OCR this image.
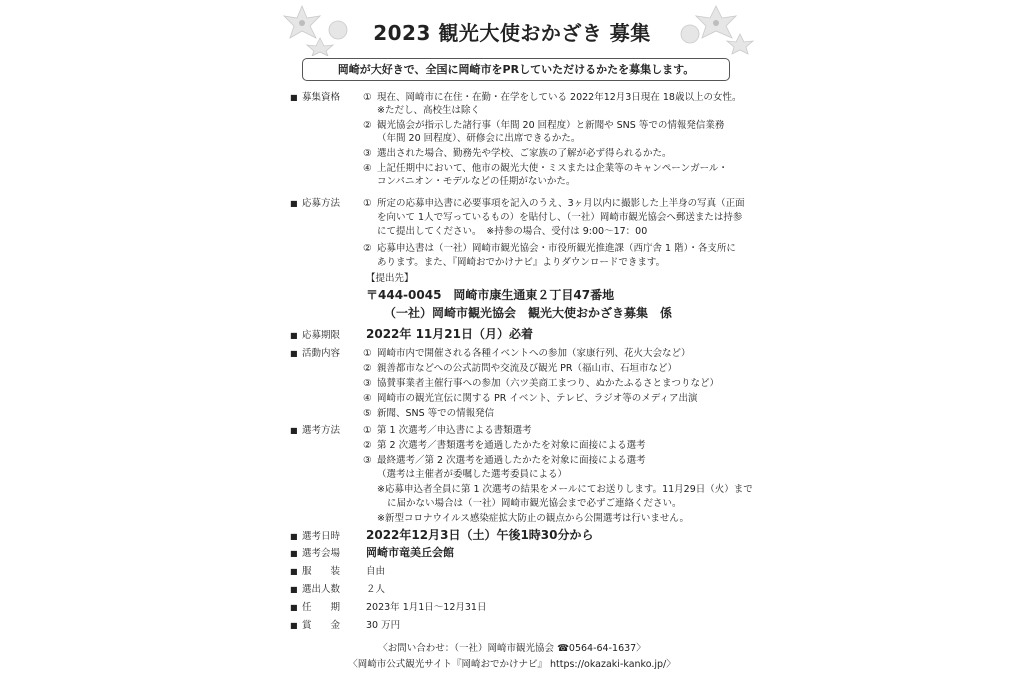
2023 観光大使おかざき 募集
岡崎が大好きで、全国に岡崎市をPRしていただけるかたを募集します。
■ 募集資格 ① 現在、岡崎市に在住・在勤・在学をしている 2022年12月3日現在 18歳以上の女性。
※ただし、高校生は除く
② 観光協会が指示した諸行事（年間 20 回程度）と新聞や SNS 等での情報発信業務
（年間 20 回程度）、研修会に出席できるかた。
③ 選出された場合、勤務先や学校、ご家族の了解が必ず得られるかた。
④ 上記任期中において、他市の観光大使・ミスまたは企業等のキャンペーンガール・
コンパニオン・モデルなどの任期がないかた。
■ 応募方法 ① 所定の応募申込書に必要事項を記入のうえ、3ヶ月以内に撮影した上半身の写真（正面
を向いて 1人で写っているもの）を貼付し、（一社）岡崎市観光協会へ郵送または持参
にて提出してください。　※持参の場合、受付は 9:00～17：00
② 応募申込書は（一社）岡崎市観光協会・市役所観光推進課（西庁舎 1 階）・各支所に
あります。また、『岡崎おでかけナビ』よりダウンロードできます。
【提出先】
〒444-0045　岡崎市康生通東２丁目47番地
（一社）岡崎市観光協会　観光大使おかざき募集　係
■ 応募期限 2022年 11月21日（月）必着
■ 活動内容 ① 岡崎市内で開催される各種イベントへの参加（家康行列、花火大会など）
② 親善都市などへの公式訪問や交流及び観光 PR（福山市、石垣市など）
③ 協賛事業者主催行事への参加（六ツ美商工まつり、ぬかたふるさとまつりなど）
④ 岡崎市の観光宣伝に関する PR イベント、テレビ、ラジオ等のメディア出演
⑤ 新聞、SNS 等での情報発信
■ 選考方法 ① 第 1 次選考／申込書による書類選考
② 第 2 次選考／書類選考を通過したかたを対象に面接による選考
③ 最終選考／第 2 次選考を通過したかたを対象に面接による選考
（選考は主催者が委嘱した選考委員による）
※応募申込者全員に第 1 次選考の結果をメールにてお送りします。11月29日（火）まで
に届かない場合は（一社）岡崎市観光協会まで必ずご連絡ください。
※新型コロナウイルス感染症拡大防止の観点から公開選考は行いません。
■ 選考日時 2022年12月3日（土）午後1時30分から
■ 選考会場 岡崎市竜美丘会館
■ 服　　装	自由
■ 選出人数	２人
■ 任　　期	2023年 1月1日～12月31日
■ 賞　　金	30 万円
〈お問い合わせ：（一社）岡崎市観光協会 ☎0564-64-1637〉
〈岡崎市公式観光サイト『岡崎おでかけナビ』 https://okazaki-kanko.jp/〉
